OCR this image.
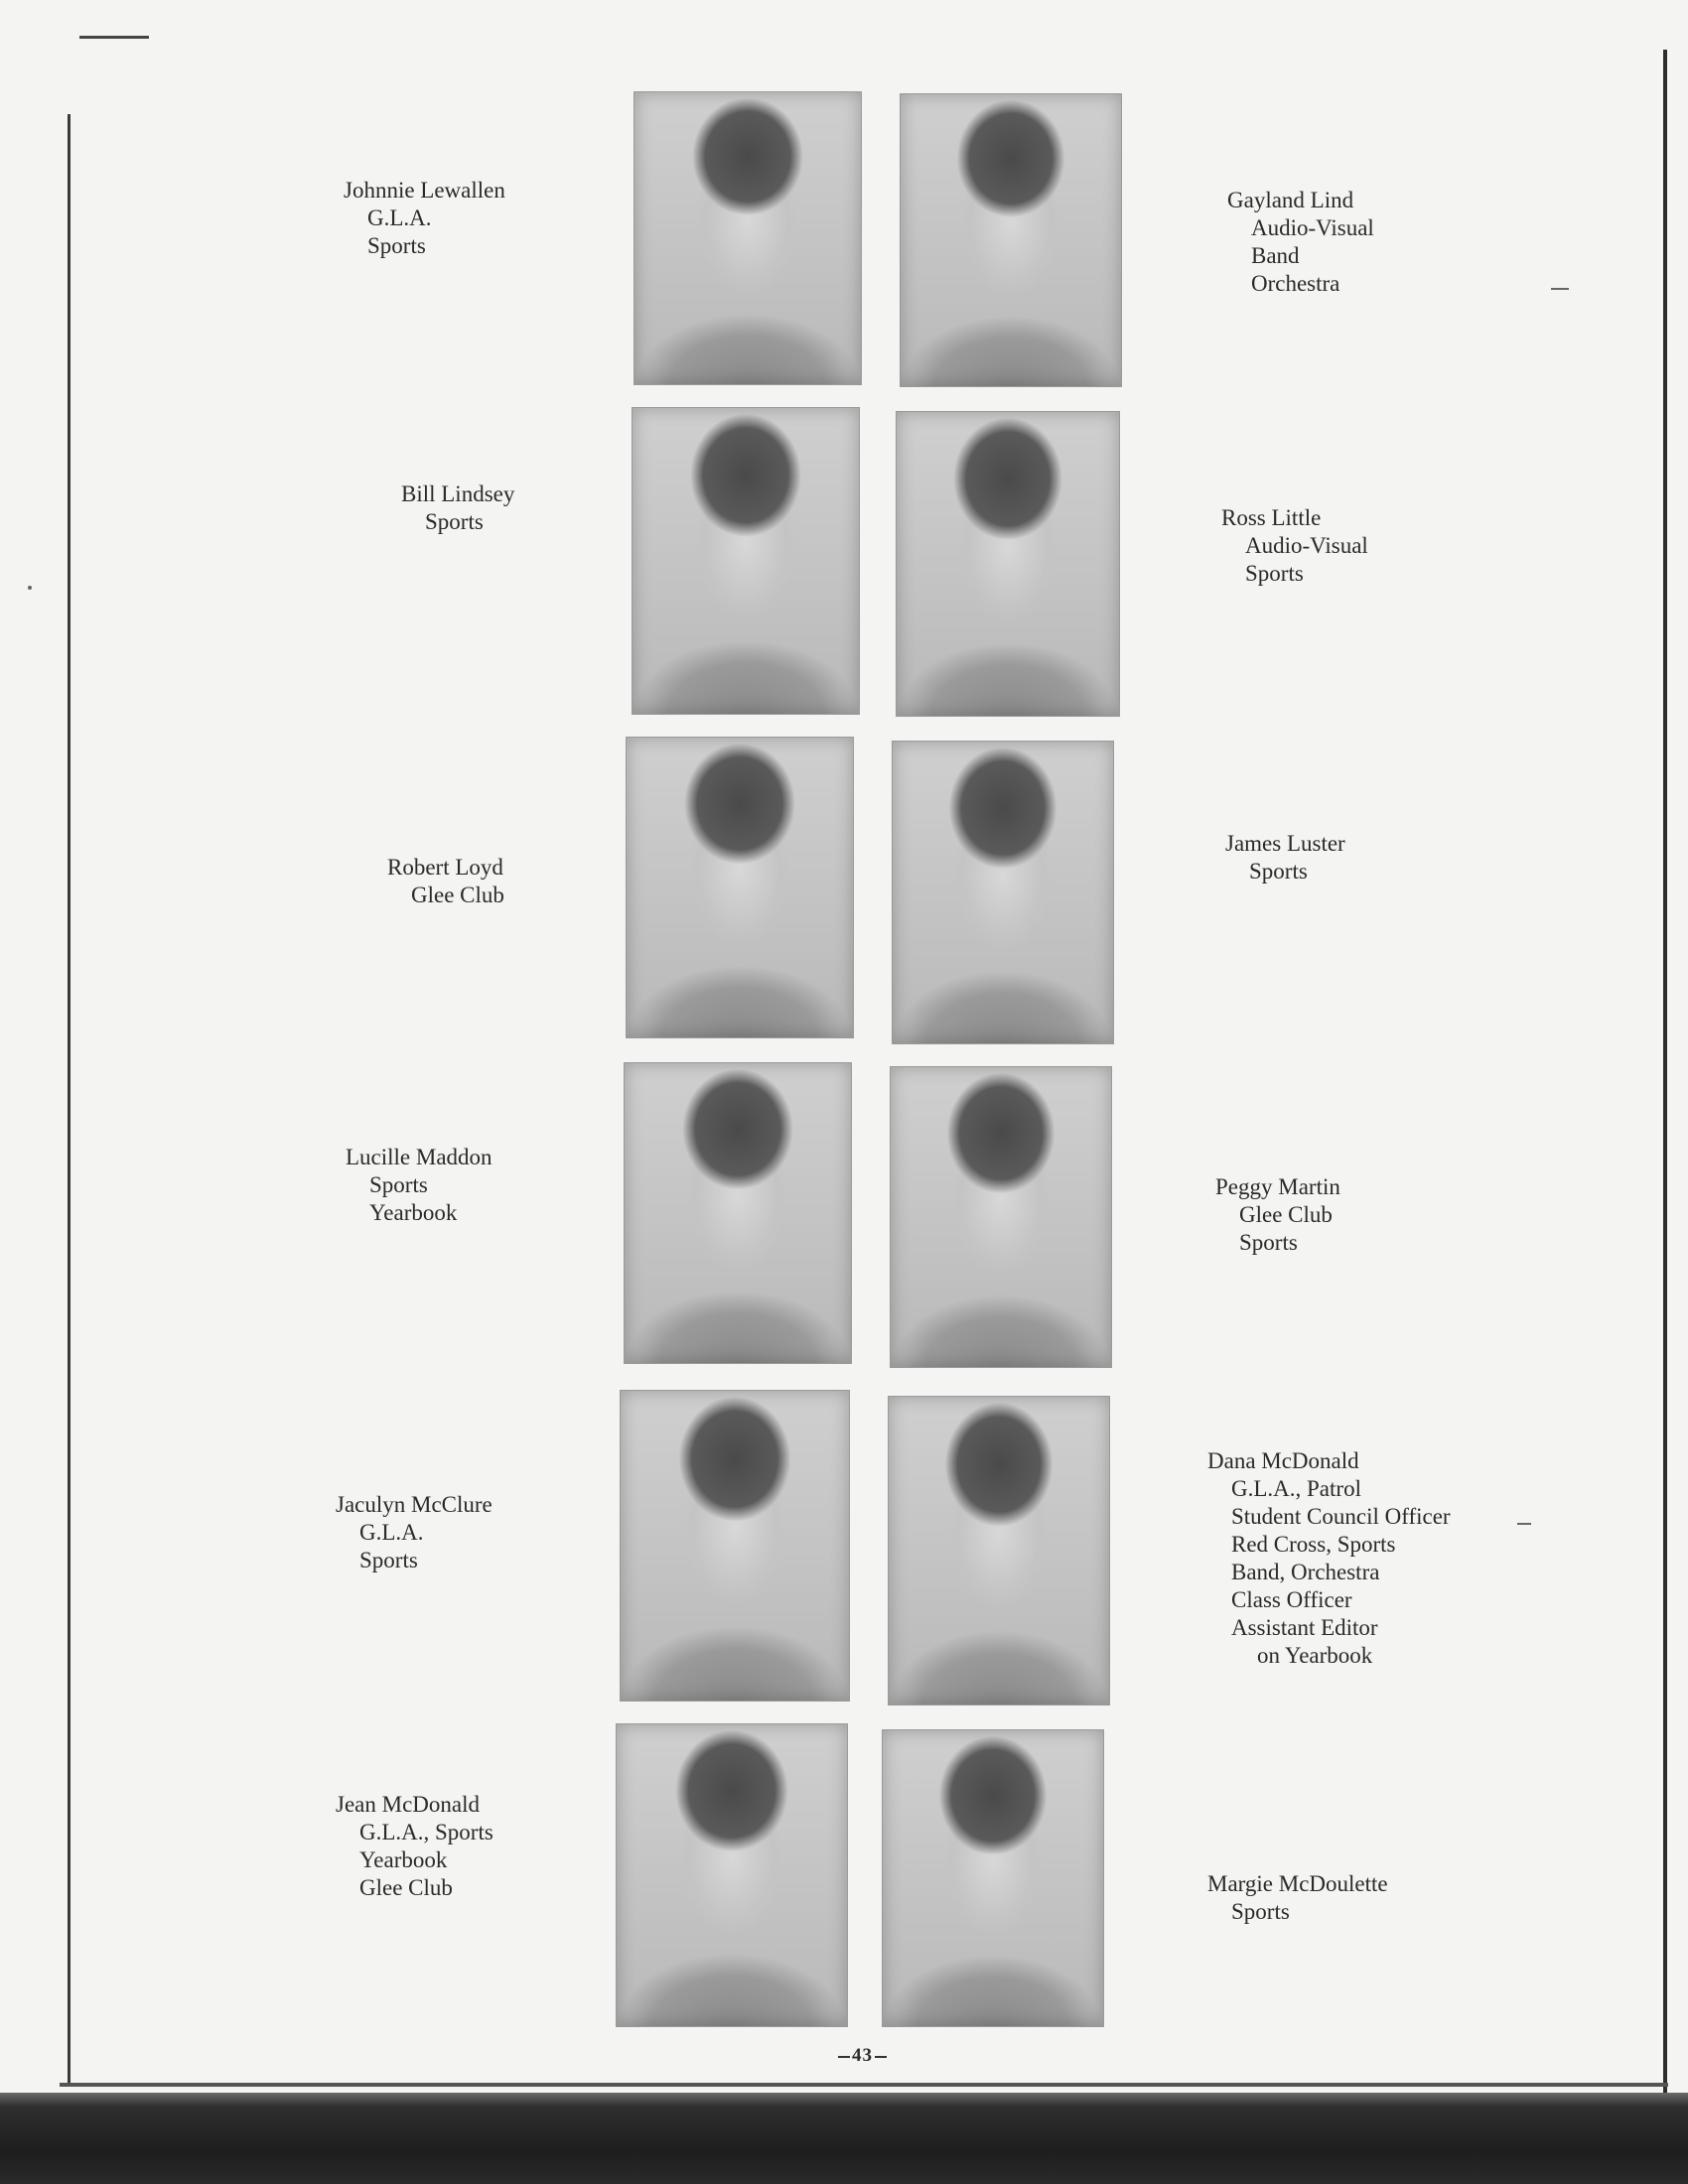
Johnnie Lewallen
G.L.A.
Sports
Gayland Lind
Audio-Visual
Band
Orchestra
Bill Lindsey
Sports	Ross Little
Audio-Visual
Sports
Robert Loyd
Glee Club
James Luster
Sports
Lucille Maddon
Sports
Yearbook
Peggy Martin
Glee Club
Sports
Jaculyn McClure
G.L.A.
Sports
Dana McDonald
G.L.A., Patrol
Student Council Officer
Red Cross, Sports
Band, Orchestra
Class Officer
Assistant Editor
on Yearbook
Jean McDonald
G.L.A., Sports
Yearbook
Glee Club	Margie McDoulette
Sports
43
